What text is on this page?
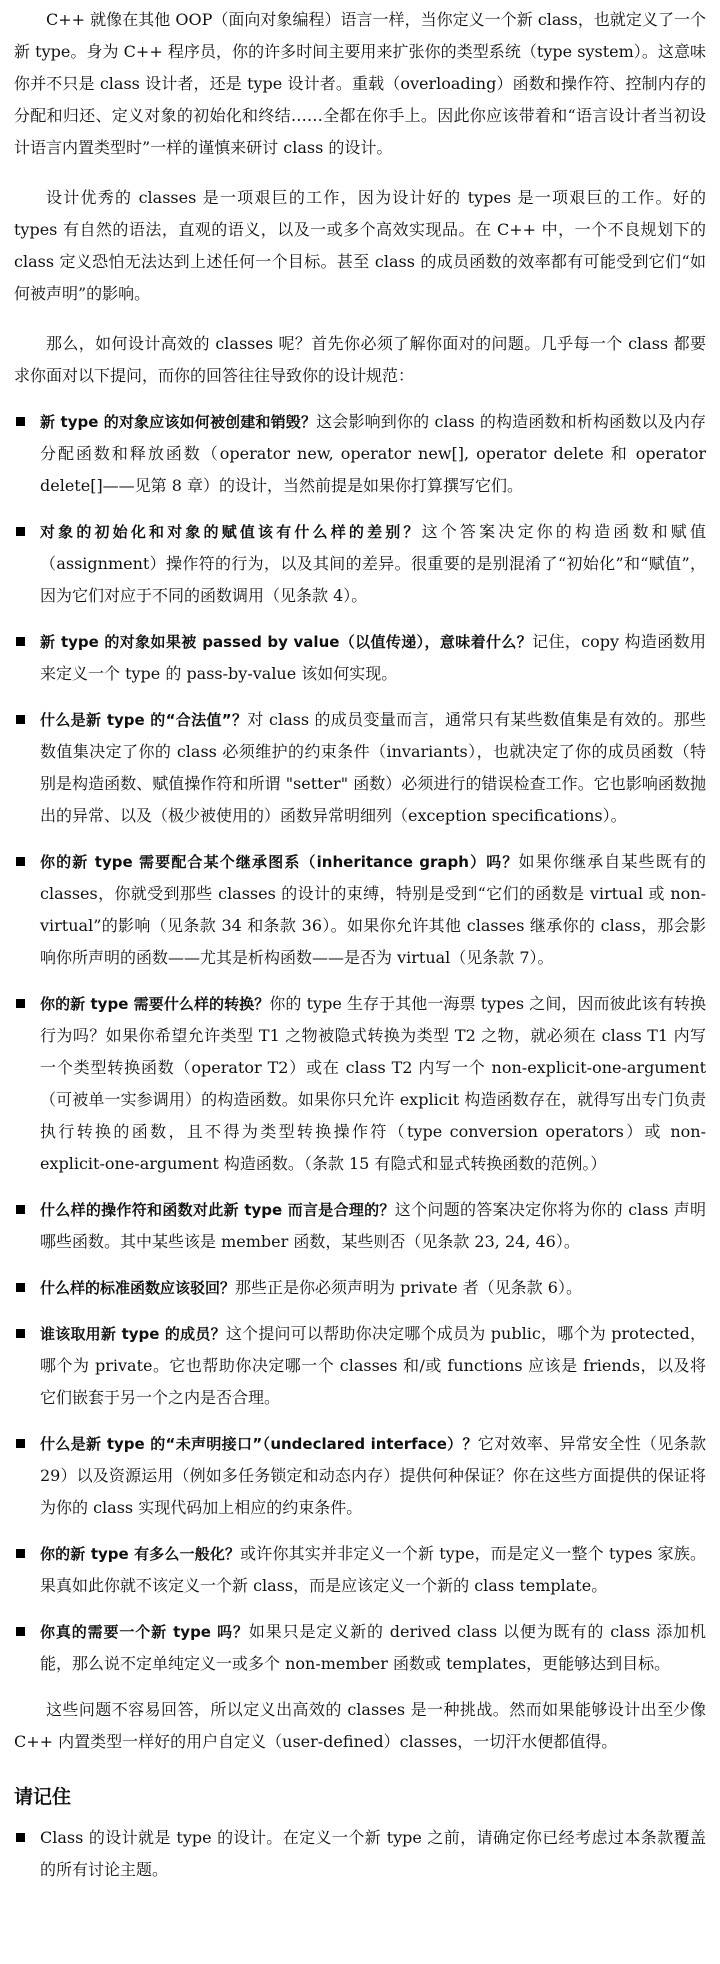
C++ 就像在其他 OOP（面向对象编程）语言一样，当你定义一个新 class，也就定义了一个新 type。身为 C++ 程序员，你的许多时间主要用来扩张你的类型系统（type system）。这意味你并不只是 class 设计者，还是 type 设计者。重载（overloading）函数和操作符、控制内存的分配和归还、定义对象的初始化和终结……全都在你手上。因此你应该带着和“语言设计者当初设计语言内置类型时”一样的谨慎来研讨 class 的设计。

设计优秀的 classes 是一项艰巨的工作，因为设计好的 types 是一项艰巨的工作。好的 types 有自然的语法，直观的语义，以及一或多个高效实现品。在 C++ 中，一个不良规划下的 class 定义恐怕无法达到上述任何一个目标。甚至 class 的成员函数的效率都有可能受到它们“如何被声明”的影响。

那么，如何设计高效的 classes 呢？首先你必须了解你面对的问题。几乎每一个 class 都要求你面对以下提问，而你的回答往往导致你的设计规范：

新 type 的对象应该如何被创建和销毁？这会影响到你的 class 的构造函数和析构函数以及内存分配函数和释放函数（operator new, operator new[], operator delete 和 operator delete[]——见第 8 章）的设计，当然前提是如果你打算撰写它们。
对象的初始化和对象的赋值该有什么样的差别？这个答案决定你的构造函数和赋值（assignment）操作符的行为，以及其间的差异。很重要的是别混淆了“初始化”和“赋值”，因为它们对应于不同的函数调用（见条款 4）。
新 type 的对象如果被 passed by value（以值传递），意味着什么？记住，copy 构造函数用来定义一个 type 的 pass-by-value 该如何实现。
什么是新 type 的“合法值”？对 class 的成员变量而言，通常只有某些数值集是有效的。那些数值集决定了你的 class 必须维护的约束条件（invariants），也就决定了你的成员函数（特别是构造函数、赋值操作符和所谓 "setter" 函数）必须进行的错误检查工作。它也影响函数抛出的异常、以及（极少被使用的）函数异常明细列（exception specifications）。
你的新 type 需要配合某个继承图系（inheritance graph）吗？如果你继承自某些既有的 classes，你就受到那些 classes 的设计的束缚，特别是受到“它们的函数是 virtual 或 non-virtual”的影响（见条款 34 和条款 36）。如果你允许其他 classes 继承你的 class，那会影响你所声明的函数——尤其是析构函数——是否为 virtual（见条款 7）。
你的新 type 需要什么样的转换？你的 type 生存于其他一海票 types 之间，因而彼此该有转换行为吗？如果你希望允许类型 T1 之物被隐式转换为类型 T2 之物，就必须在 class T1 内写一个类型转换函数（operator T2）或在 class T2 内写一个 non-explicit-one-argument（可被单一实参调用）的构造函数。如果你只允许 explicit 构造函数存在，就得写出专门负责执行转换的函数，且不得为类型转换操作符（type conversion operators）或 non-explicit-one-argument 构造函数。（条款 15 有隐式和显式转换函数的范例。）
什么样的操作符和函数对此新 type 而言是合理的？这个问题的答案决定你将为你的 class 声明哪些函数。其中某些该是 member 函数，某些则否（见条款 23, 24, 46）。
什么样的标准函数应该驳回？那些正是你必须声明为 private 者（见条款 6）。
谁该取用新 type 的成员？这个提问可以帮助你决定哪个成员为 public，哪个为 protected，哪个为 private。它也帮助你决定哪一个 classes 和/或 functions 应该是 friends，以及将它们嵌套于另一个之内是否合理。
什么是新 type 的“未声明接口”（undeclared interface）？它对效率、异常安全性（见条款 29）以及资源运用（例如多任务锁定和动态内存）提供何种保证？你在这些方面提供的保证将为你的 class 实现代码加上相应的约束条件。
你的新 type 有多么一般化？或许你其实并非定义一个新 type，而是定义一整个 types 家族。果真如此你就不该定义一个新 class，而是应该定义一个新的 class template。
你真的需要一个新 type 吗？如果只是定义新的 derived class 以便为既有的 class 添加机能，那么说不定单纯定义一或多个 non-member 函数或 templates，更能够达到目标。

这些问题不容易回答，所以定义出高效的 classes 是一种挑战。然而如果能够设计出至少像 C++ 内置类型一样好的用户自定义（user-defined）classes，一切汗水便都值得。

请记住
Class 的设计就是 type 的设计。在定义一个新 type 之前，请确定你已经考虑过本条款覆盖的所有讨论主题。
